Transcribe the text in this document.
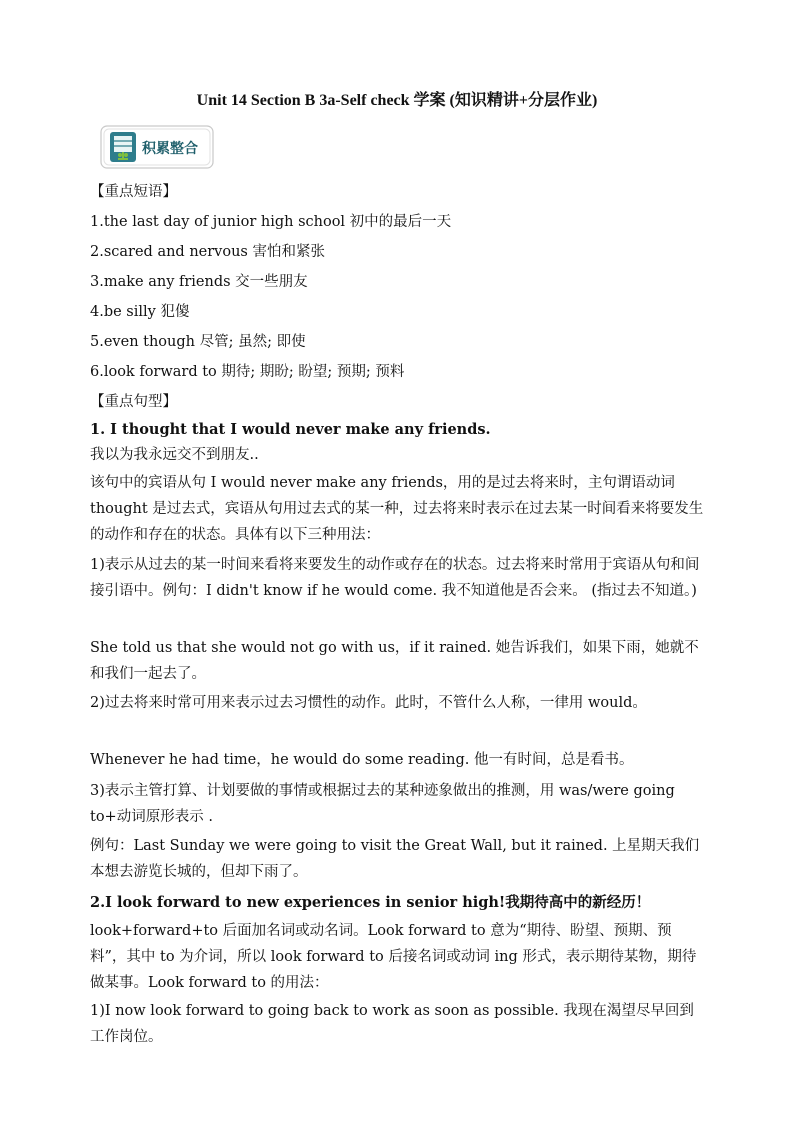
Unit 14 Section B 3a-Self check 学案 (知识精讲+分层作业)
积累整合
【重点短语】
1.the last day of junior high school 初中的最后一天
2.scared and nervous 害怕和紧张
3.make any friends 交一些朋友
4.be silly 犯傻
5.even though 尽管; 虽然; 即使
6.look forward to 期待; 期盼; 盼望; 预期; 预料
【重点句型】
1. I thought that I would never make any friends.
我以为我永远交不到朋友..
该句中的宾语从句 I would never make any friends，用的是过去将来时，主句谓语动词 thought 是过去式，宾语从句用过去式的某一种，过去将来时表示在过去某一时间看来将要发生的动作和存在的状态。具体有以下三种用法：
1)表示从过去的某一时间来看将来要发生的动作或存在的状态。过去将来时常用于宾语从句和间接引语中。例句：I didn't know if he would come. 我不知道他是否会来。 (指过去不知道。)
She told us that she would not go with us，if it rained. 她告诉我们，如果下雨，她就不和我们一起去了。
2)过去将来时常可用来表示过去习惯性的动作。此时，不管什么人称，一律用 would。
Whenever he had time，he would do some reading. 他一有时间，总是看书。
3)表示主管打算、计划要做的事情或根据过去的某种迹象做出的推测，用 was/were going to+动词原形表示 .
例句：Last Sunday we were going to visit the Great Wall, but it rained. 上星期天我们本想去游览长城的，但却下雨了。
2.I look forward to new experiences in senior high!我期待高中的新经历！
look+forward+to 后面加名词或动名词。Look forward to 意为“期待、盼望、预期、预料”，其中 to 为介词，所以 look forward to 后接名词或动词 ing 形式，表示期待某物，期待做某事。Look forward to 的用法：
1)I now look forward to going back to work as soon as possible. 我现在渴望尽早回到工作岗位。
